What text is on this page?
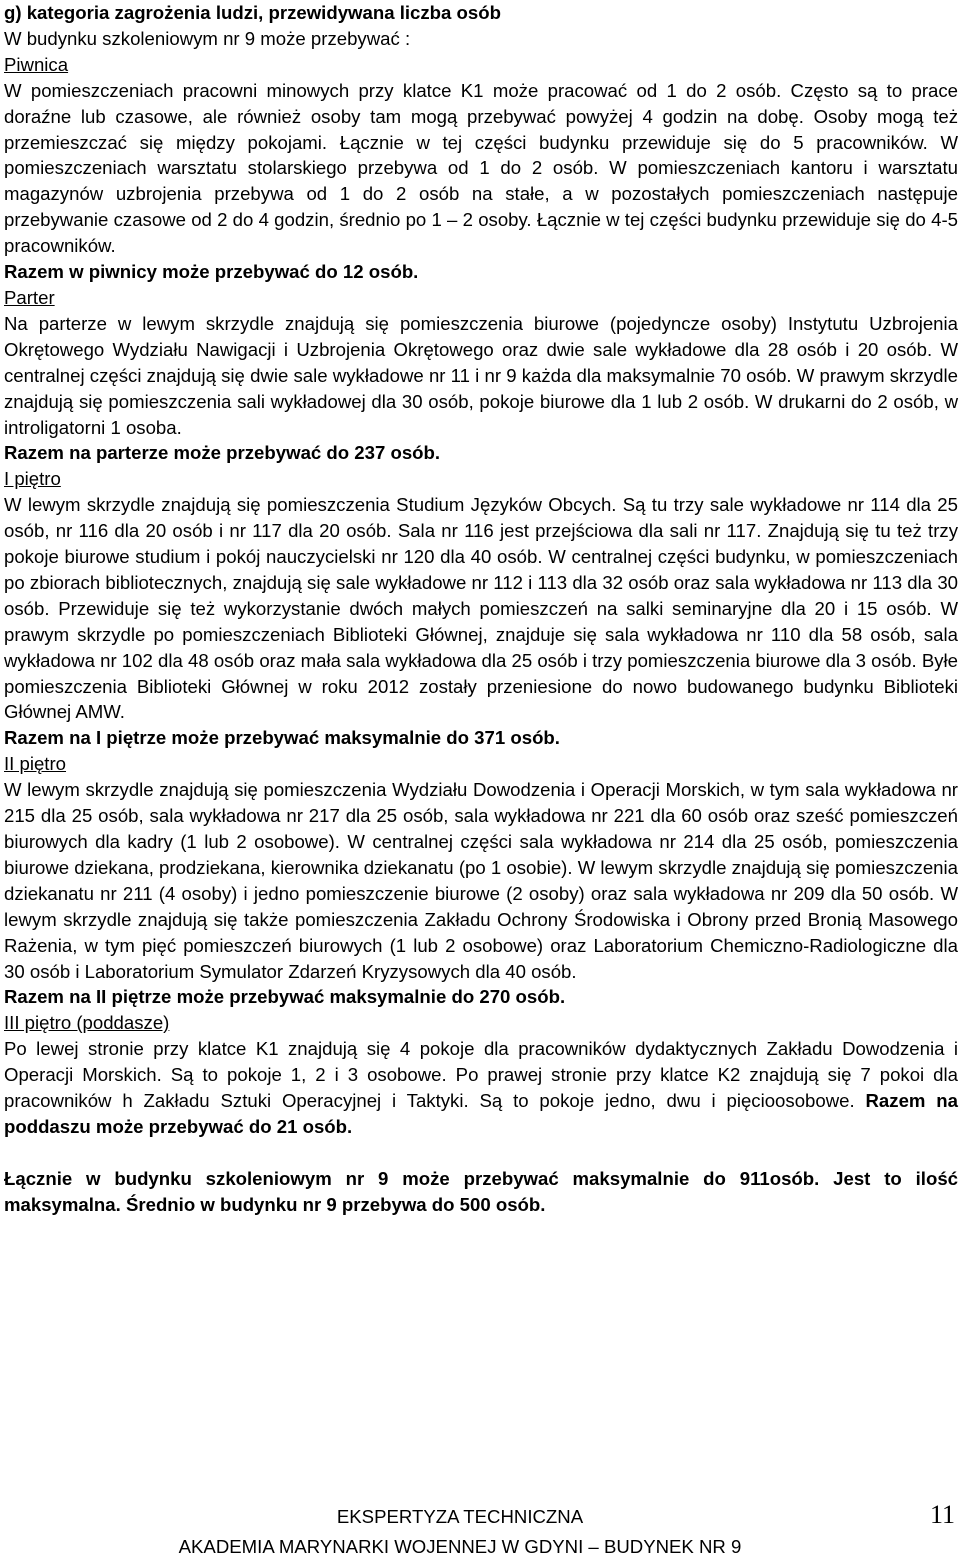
g) kategoria zagrożenia ludzi, przewidywana liczba osób

W budynku szkoleniowym nr 9 może przebywać :

Piwnica

W pomieszczeniach pracowni minowych przy klatce K1 może pracować od 1 do 2 osób. Często są to prace doraźne lub czasowe, ale również osoby tam mogą przebywać powyżej 4 godzin na dobę. Osoby mogą też przemieszczać się między pokojami. Łącznie w tej części budynku przewiduje się do 5 pracowników. W pomieszczeniach warsztatu stolarskiego przebywa od 1 do 2 osób. W pomieszczeniach kantoru i warsztatu magazynów uzbrojenia przebywa od 1 do 2 osób na stałe, a w pozostałych pomieszczeniach następuje przebywanie czasowe od 2 do 4 godzin, średnio po 1 – 2 osoby. Łącznie w tej części budynku przewiduje się do 4-5 pracowników.

Razem w piwnicy może przebywać do 12 osób.

Parter

Na parterze w lewym skrzydle znajdują się pomieszczenia biurowe (pojedyncze osoby) Instytutu Uzbrojenia Okrętowego Wydziału Nawigacji i Uzbrojenia Okrętowego oraz dwie sale wykładowe dla 28 osób i 20 osób. W centralnej części znajdują się dwie sale wykładowe nr 11 i nr 9 każda dla maksymalnie 70 osób. W prawym skrzydle znajdują się pomieszczenia sali wykładowej dla 30 osób, pokoje biurowe dla 1 lub 2 osób. W drukarni do 2 osób, w introligatorni 1 osoba.

Razem na parterze może przebywać do 237 osób.

I piętro

W lewym skrzydle znajdują się pomieszczenia Studium Języków Obcych. Są tu trzy sale wykładowe nr 114 dla 25 osób, nr 116 dla 20 osób i nr 117 dla 20 osób. Sala nr 116 jest przejściowa dla sali nr 117. Znajdują się tu też trzy pokoje biurowe studium i pokój nauczycielski nr 120 dla 40 osób. W centralnej części budynku, w pomieszczeniach po zbiorach bibliotecznych, znajdują się sale wykładowe nr 112 i 113 dla 32 osób oraz sala wykładowa nr 113 dla 30 osób. Przewiduje się też wykorzystanie dwóch małych pomieszczeń na salki seminaryjne dla 20 i 15 osób. W prawym skrzydle po pomieszczeniach Biblioteki Głównej, znajduje się sala wykładowa nr 110 dla 58 osób, sala wykładowa nr 102 dla 48 osób oraz mała sala wykładowa dla 25 osób i trzy pomieszczenia biurowe dla 3 osób. Byłe pomieszczenia Biblioteki Głównej w roku 2012 zostały przeniesione do nowo budowanego budynku Biblioteki Głównej AMW.

Razem na I piętrze może przebywać maksymalnie do 371 osób.

II piętro

W lewym skrzydle znajdują się pomieszczenia Wydziału Dowodzenia i Operacji Morskich, w tym sala wykładowa nr 215 dla 25 osób, sala wykładowa nr 217 dla 25 osób, sala wykładowa nr 221 dla 60 osób oraz sześć pomieszczeń biurowych dla kadry (1 lub 2 osobowe). W centralnej części sala wykładowa nr 214 dla 25 osób, pomieszczenia biurowe dziekana, prodziekana, kierownika dziekanatu (po 1 osobie). W lewym skrzydle znajdują się pomieszczenia dziekanatu nr 211 (4 osoby) i jedno pomieszczenie biurowe (2 osoby) oraz sala wykładowa nr 209 dla 50 osób. W lewym skrzydle znajdują się także pomieszczenia Zakładu Ochrony Środowiska i Obrony przed Bronią Masowego Rażenia, w tym pięć pomieszczeń biurowych (1 lub 2 osobowe) oraz Laboratorium Chemiczno-Radiologiczne dla 30 osób i Laboratorium Symulator Zdarzeń Kryzysowych dla 40 osób.

Razem na II piętrze może przebywać maksymalnie do 270 osób.

III piętro (poddasze)

Po lewej stronie przy klatce K1 znajdują się 4 pokoje dla pracowników dydaktycznych Zakładu Dowodzenia i Operacji Morskich. Są to pokoje 1, 2 i 3 osobowe. Po prawej stronie przy klatce K2 znajdują się 7 pokoi dla pracowników h Zakładu Sztuki Operacyjnej i Taktyki. Są to pokoje jedno, dwu i pięcioosobowe. Razem na poddaszu może przebywać do 21 osób.

Łącznie w budynku szkoleniowym nr 9 może przebywać maksymalnie do 911osób. Jest to ilość maksymalna. Średnio w budynku nr 9 przebywa do 500 osób.

EKSPERTYZA TECHNICZNA
AKADEMIA MARYNARKI WOJENNEJ W GDYNI – BUDYNEK NR 9
11
